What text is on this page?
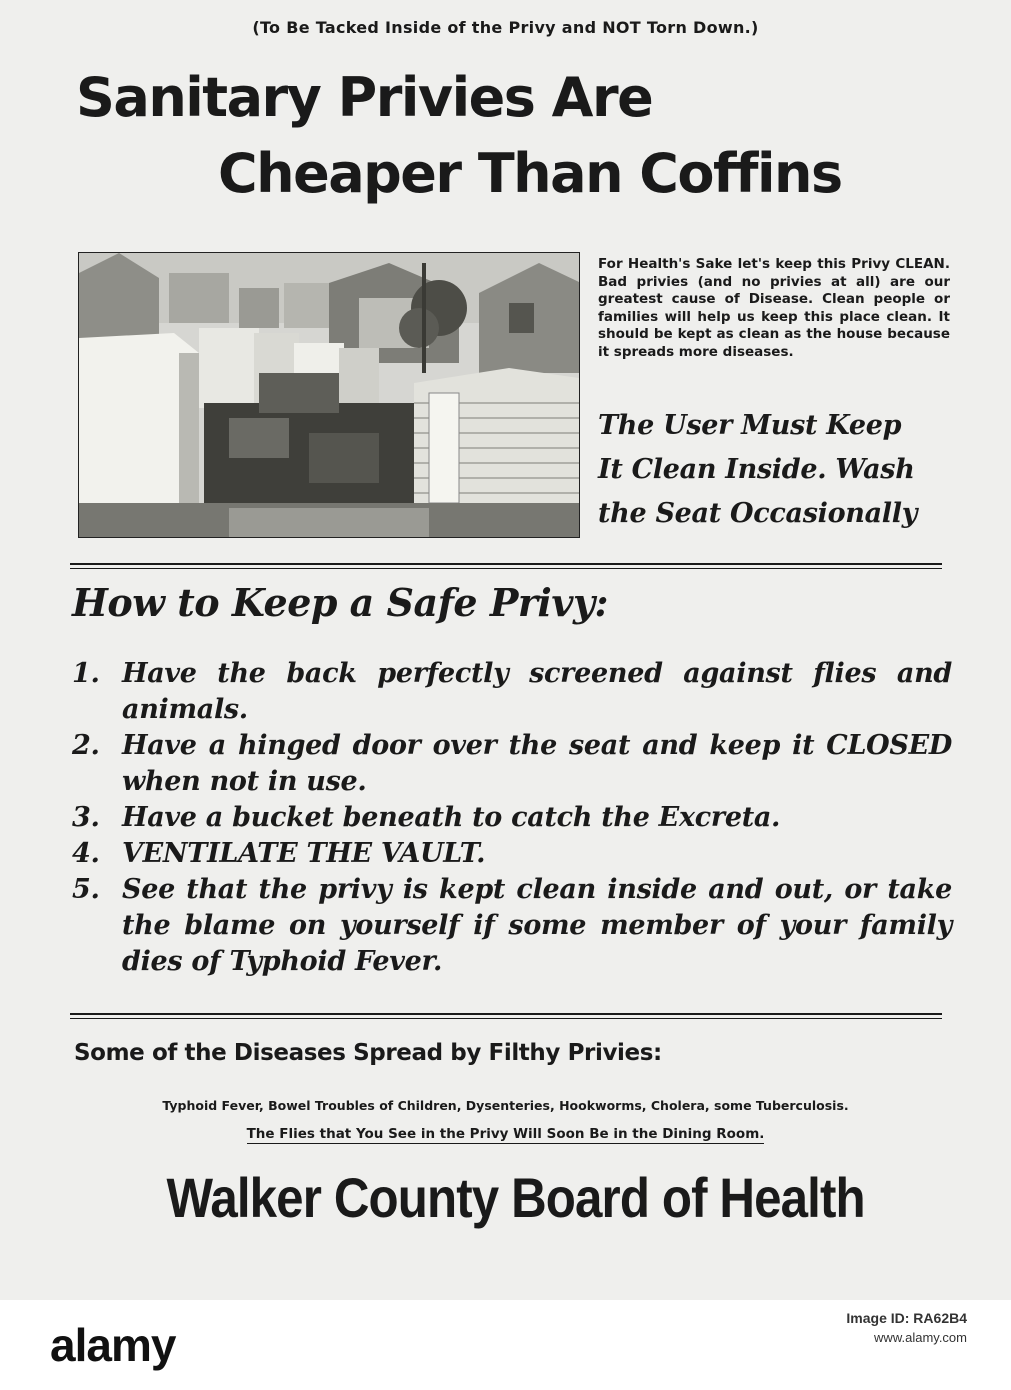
(To Be Tacked Inside of the Privy and NOT Torn Down.)
Sanitary Privies Are
Cheaper Than Coffins

For Health's Sake let's keep this Privy CLEAN. Bad privies (and no privies at all) are our greatest cause of Disease. Clean people or families will help us keep this place clean. It should be kept as clean as the house because it spreads more diseases.

The User Must Keep
It Clean Inside. Wash
the Seat Occasionally
How to Keep a Safe Privy:
1. Have the back perfectly screened against flies and animals.
2. Have a hinged door over the seat and keep it CLOSED when not in use.
3. Have a bucket beneath to catch the Excreta.
4. VENTILATE THE VAULT.
5. See that the privy is kept clean inside and out, or take the blame on yourself if some member of your family dies of Typhoid Fever.
Some of the Diseases Spread by Filthy Privies:

Typhoid Fever, Bowel Troubles of Children, Dysenteries, Hookworms, Cholera, some Tuberculosis.

The Flies that You See in the Privy Will Soon Be in the Dining Room.

Walker County Board of Health
alamy
Image ID: RA62B4
www.alamy.com
